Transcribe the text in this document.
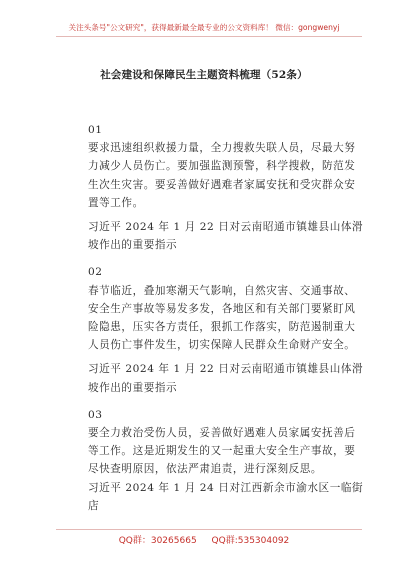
关注头条号"公文研究"，获得最新最全最专业的公文资料库！ 微信：gongwenyj
社会建设和保障民生主题资料梳理（52条）

01

要求迅速组织救援力量，全力搜救失联人员，尽最大努力减少人员伤亡。要加强监测预警，科学搜救，防范发生次生灾害。要妥善做好遇难者家属安抚和受灾群众安置等工作。

习近平 2024 年 1 月 22 日对云南昭通市镇雄县山体滑坡作出的重要指示

02

春节临近，叠加寒潮天气影响，自然灾害、交通事故、安全生产事故等易发多发，各地区和有关部门要紧盯风险隐患，压实各方责任，狠抓工作落实，防范遏制重大人员伤亡事件发生，切实保障人民群众生命财产安全。

习近平 2024 年 1 月 22 日对云南昭通市镇雄县山体滑坡作出的重要指示

03

要全力救治受伤人员，妥善做好遇难人员家属安抚善后等工作。这是近期发生的又一起重大安全生产事故，要尽快查明原因，依法严肃追责，进行深刻反思。

习近平 2024 年 1 月 24 日对江西新余市渝水区一临街店

QQ群：30265665 QQ群:535304092
